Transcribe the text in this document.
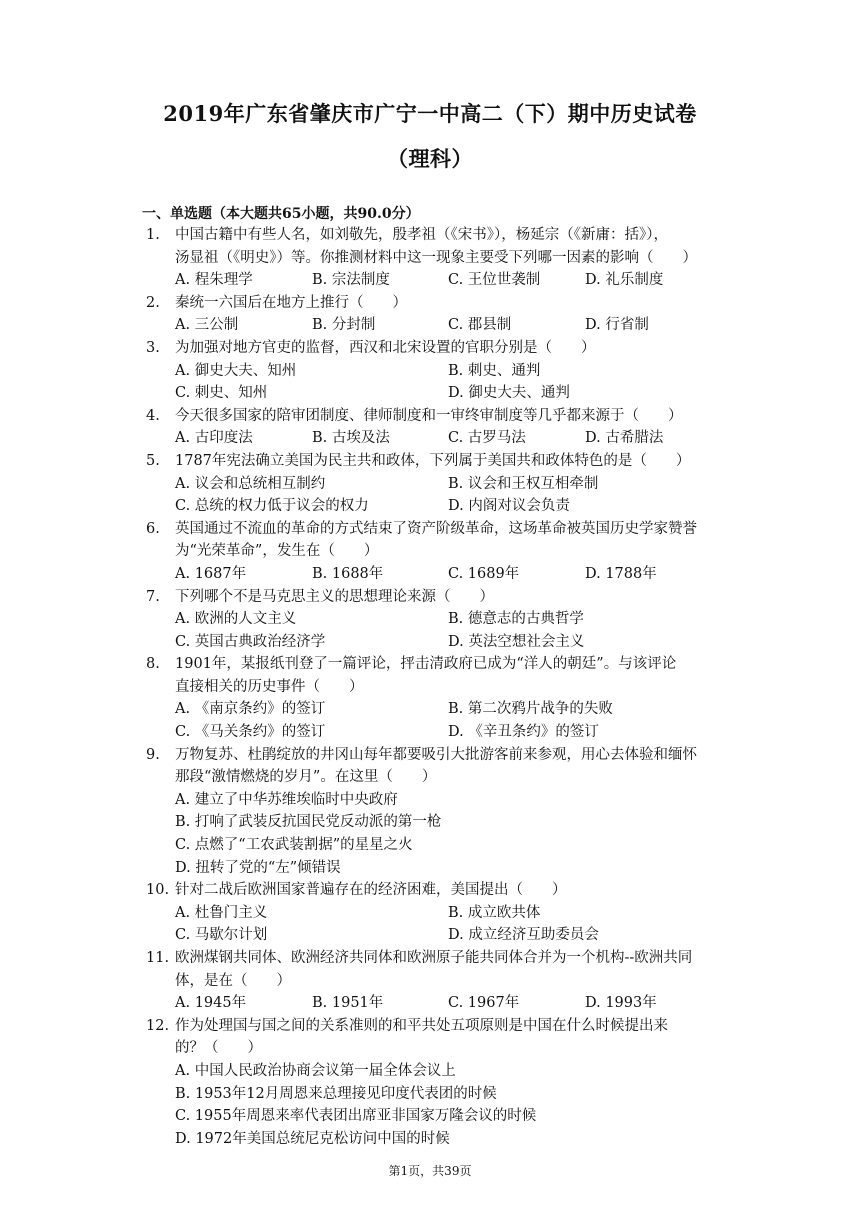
2019年广东省肇庆市广宁一中高二（下）期中历史试卷
（理科）
一、单选题（本大题共65小题，共90.0分）
1. 中国古籍中有些人名，如刘敬先，殷孝祖（《宋书》），杨延宗（《新庸：括》），
汤显祖（《明史》）等。你推测材料中这一现象主要受下列哪一因素的影响（　　）
A. 程朱理学	B. 宗法制度	C. 王位世袭制	D. 礼乐制度
2. 秦统一六国后在地方上推行（　　）
A. 三公制	B. 分封制	C. 郡县制	D. 行省制
3. 为加强对地方官吏的监督，西汉和北宋设置的官职分别是（　　）
A. 御史大夫、知州	B. 刺史、通判
C. 刺史、知州	D. 御史大夫、通判
4. 今天很多国家的陪审团制度、律师制度和一审终审制度等几乎都来源于（　　）
A. 古印度法	B. 古埃及法	C. 古罗马法	D. 古希腊法
5. 1787年宪法确立美国为民主共和政体，下列属于美国共和政体特色的是（　　）
A. 议会和总统相互制约	B. 议会和王权互相牵制
C. 总统的权力低于议会的权力	D. 内阁对议会负责
6. 英国通过不流血的革命的方式结束了资产阶级革命，这场革命被英国历史学家赞誉
为“光荣革命”，发生在（　　）
A. 1687年	B. 1688年	C. 1689年	D. 1788年
7. 下列哪个不是马克思主义的思想理论来源（　　）
A. 欧洲的人文主义	B. 德意志的古典哲学
C. 英国古典政治经济学	D. 英法空想社会主义
8. 1901年，某报纸刊登了一篇评论，抨击清政府已成为“洋人的朝廷”。与该评论
直接相关的历史事件（　　）
A. 《南京条约》的签订	B. 第二次鸦片战争的失败
C. 《马关条约》的签订	D. 《辛丑条约》的签订
9. 万物复苏、杜鹃绽放的井冈山每年都要吸引大批游客前来参观，用心去体验和缅怀
那段“激情燃烧的岁月”。在这里（　　）
A. 建立了中华苏维埃临时中央政府
B. 打响了武装反抗国民党反动派的第一枪
C. 点燃了“工农武装割据”的星星之火
D. 扭转了党的“左”倾错误
10. 针对二战后欧洲国家普遍存在的经济困难，美国提出（　　）
A. 杜鲁门主义	B. 成立欧共体
C. 马歇尔计划	D. 成立经济互助委员会
11. 欧洲煤钢共同体、欧洲经济共同体和欧洲原子能共同体合并为一个机构--欧洲共同
体，是在（　　）
A. 1945年	B. 1951年	C. 1967年	D. 1993年
12. 作为处理国与国之间的关系准则的和平共处五项原则是中国在什么时候提出来
的？（　　）
A. 中国人民政治协商会议第一届全体会议上
B. 1953年12月周恩来总理接见印度代表团的时候
C. 1955年周恩来率代表团出席亚非国家万隆会议的时候
D. 1972年美国总统尼克松访问中国的时候
第1页，共39页
